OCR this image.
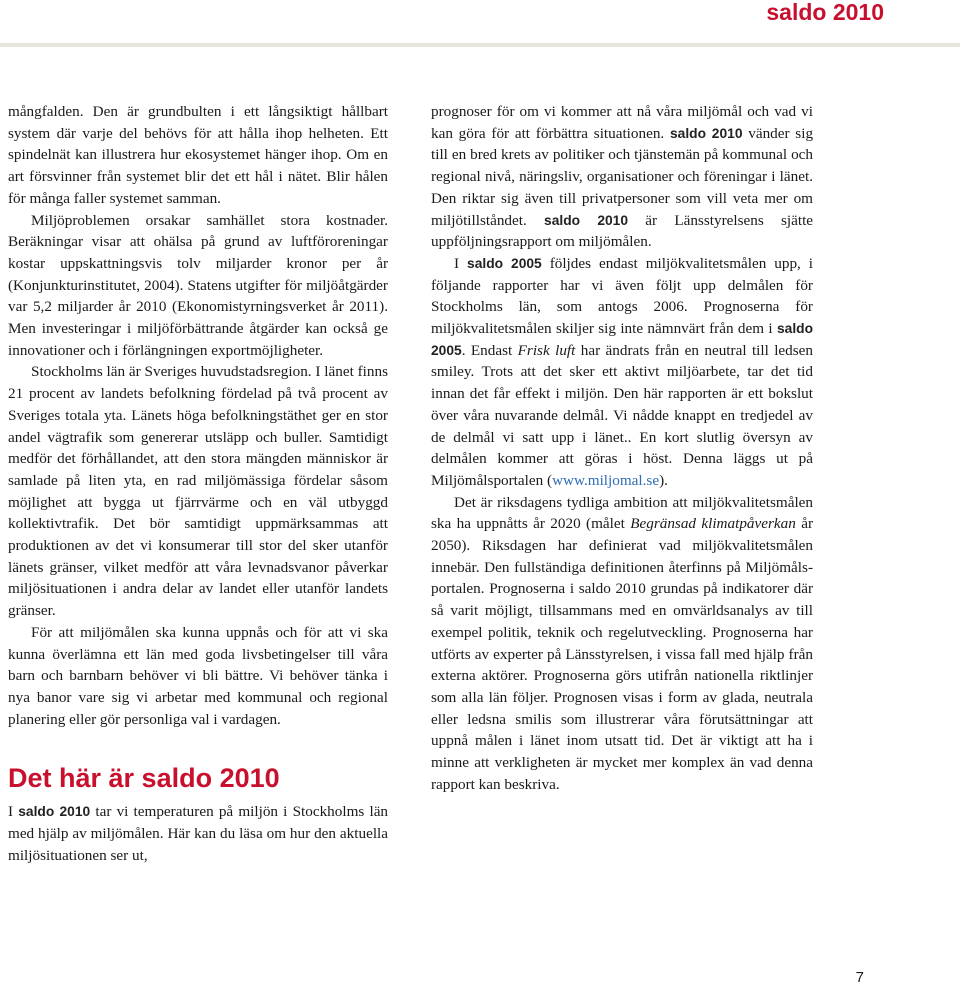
saldo 2010

mångfalden. Den är grundbulten i ett långsiktigt hållbart system där varje del behövs för att hålla ihop helheten. Ett spindelnät kan illustrera hur ekosystemet hänger ihop. Om en art försvinner från systemet blir det ett hål i nätet. Blir hålen för många faller systemet samman.

Miljöproblemen orsakar samhället stora kostnader. Beräkningar visar att ohälsa på grund av luftföroreningar kostar uppskattningsvis tolv miljarder kronor per år (Konjunkturinstitutet, 2004). Statens utgifter för miljöåtgärder var 5,2 miljarder år 2010 (Ekonomistyrningsverket år 2011). Men investeringar i miljöförbättrande åtgärder kan också ge innovationer och i förlängningen exportmöjligheter.

Stockholms län är Sveriges huvudstadsregion. I länet finns 21 procent av landets befolkning fördelad på två procent av Sveriges totala yta. Länets höga befolkningstäthet ger en stor andel vägtrafik som genererar utsläpp och buller. Samtidigt medför det förhållandet, att den stora mängden människor är samlade på liten yta, en rad miljömässiga fördelar såsom möjlighet att bygga ut fjärrvärme och en väl utbyggd kollektivtrafik. Det bör samtidigt uppmärksammas att produktionen av det vi konsumerar till stor del sker utanför länets gränser, vilket medför att våra levnadsvanor påverkar miljösituationen i andra delar av landet eller utanför landets gränser.

För att miljömålen ska kunna uppnås och för att vi ska kunna överlämna ett län med goda livsbetingelser till våra barn och barnbarn behöver vi bli bättre. Vi behöver tänka i nya banor vare sig vi arbetar med kommunal och regional planering eller gör personliga val i vardagen.

Det här är saldo 2010

I saldo 2010 tar vi temperaturen på miljön i Stockholms län med hjälp av miljömålen. Här kan du läsa om hur den aktuella miljösituationen ser ut,

prognoser för om vi kommer att nå våra miljömål och vad vi kan göra för att förbättra situationen. saldo 2010 vänder sig till en bred krets av politiker och tjänstemän på kommunal och regional nivå, näringsliv, organisationer och föreningar i länet. Den riktar sig även till privatpersoner som vill veta mer om miljötillståndet. saldo 2010 är Länsstyrelsens sjätte uppföljningsrapport om miljömålen.

I saldo 2005 följdes endast miljökvalitetsmålen upp, i följande rapporter har vi även följt upp delmålen för Stockholms län, som antogs 2006. Prognoserna för miljökvalitetsmålen skiljer sig inte nämnvärt från dem i saldo 2005. Endast Frisk luft har ändrats från en neutral till ledsen smiley. Trots att det sker ett aktivt miljöarbete, tar det tid innan det får effekt i miljön. Den här rapporten är ett bokslut över våra nuvarande delmål. Vi nådde knappt en tredjedel av de delmål vi satt upp i länet.. En kort slutlig översyn av delmålen kommer att göras i höst. Denna läggs ut på Miljömålsportalen (www.miljomal.se).

Det är riksdagens tydliga ambition att miljökvalitetsmålen ska ha uppnåtts år 2020 (målet Begränsad klimatpåverkan år 2050). Riksdagen har definierat vad miljökvalitetsmålen innebär. Den fullständiga definitionen återfinns på Miljömålsportalen. Prognoserna i saldo 2010 grundas på indikatorer där så varit möjligt, tillsammans med en omvärldsanalys av till exempel politik, teknik och regelutveckling. Prognoserna har utförts av experter på Länsstyrelsen, i vissa fall med hjälp från externa aktörer. Prognoserna görs utifrån nationella riktlinjer som alla län följer. Prognosen visas i form av glada, neutrala eller ledsna smilis som illustrerar våra förutsättningar att uppnå målen i länet inom utsatt tid. Det är viktigt att ha i minne att verkligheten är mycket mer komplex än vad denna rapport kan beskriva.

7
